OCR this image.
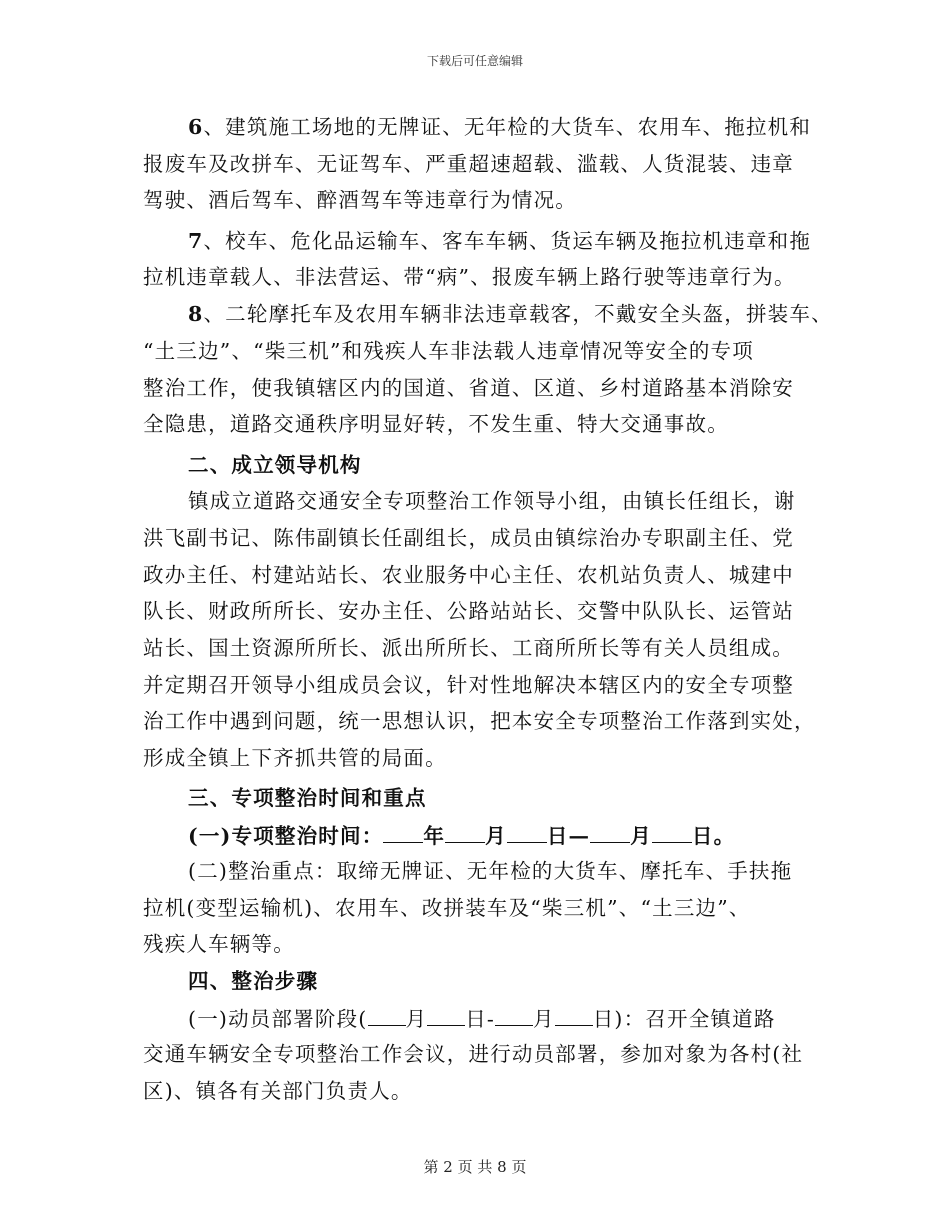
下载后可任意编辑
6、建筑施工场地的无牌证、无年检的大货车、农用车、拖拉机和
报废车及改拼车、无证驾车、严重超速超载、滥载、人货混装、违章
驾驶、酒后驾车、醉酒驾车等违章行为情况。
7、校车、危化品运输车、客车车辆、货运车辆及拖拉机违章和拖
拉机违章载人、非法营运、带“病”、报废车辆上路行驶等违章行为。
8、二轮摩托车及农用车辆非法违章载客，不戴安全头盔，拼装车、
“土三边”、“柴三机”和残疾人车非法载人违章情况等安全的专项
整治工作，使我镇辖区内的国道、省道、区道、乡村道路基本消除安
全隐患，道路交通秩序明显好转，不发生重、特大交通事故。
二、成立领导机构
镇成立道路交通安全专项整治工作领导小组，由镇长任组长，谢
洪飞副书记、陈伟副镇长任副组长，成员由镇综治办专职副主任、党
政办主任、村建站站长、农业服务中心主任、农机站负责人、城建中
队长、财政所所长、安办主任、公路站站长、交警中队队长、运管站
站长、国土资源所所长、派出所所长、工商所所长等有关人员组成。
并定期召开领导小组成员会议，针对性地解决本辖区内的安全专项整
治工作中遇到问题，统一思想认识，把本安全专项整治工作落到实处，
形成全镇上下齐抓共管的局面。
三、专项整治时间和重点
(一)专项整治时间： 年 月 日— 月 日。
(二)整治重点：取缔无牌证、无年检的大货车、摩托车、手扶拖
拉机(变型运输机)、农用车、改拼装车及“柴三机”、“土三边”、
残疾人车辆等。
四、整治步骤
(一)动员部署阶段( 月 日- 月 日)：召开全镇道路
交通车辆安全专项整治工作会议，进行动员部署，参加对象为各村(社
区)、镇各有关部门负责人。
第 2 页 共 8 页
